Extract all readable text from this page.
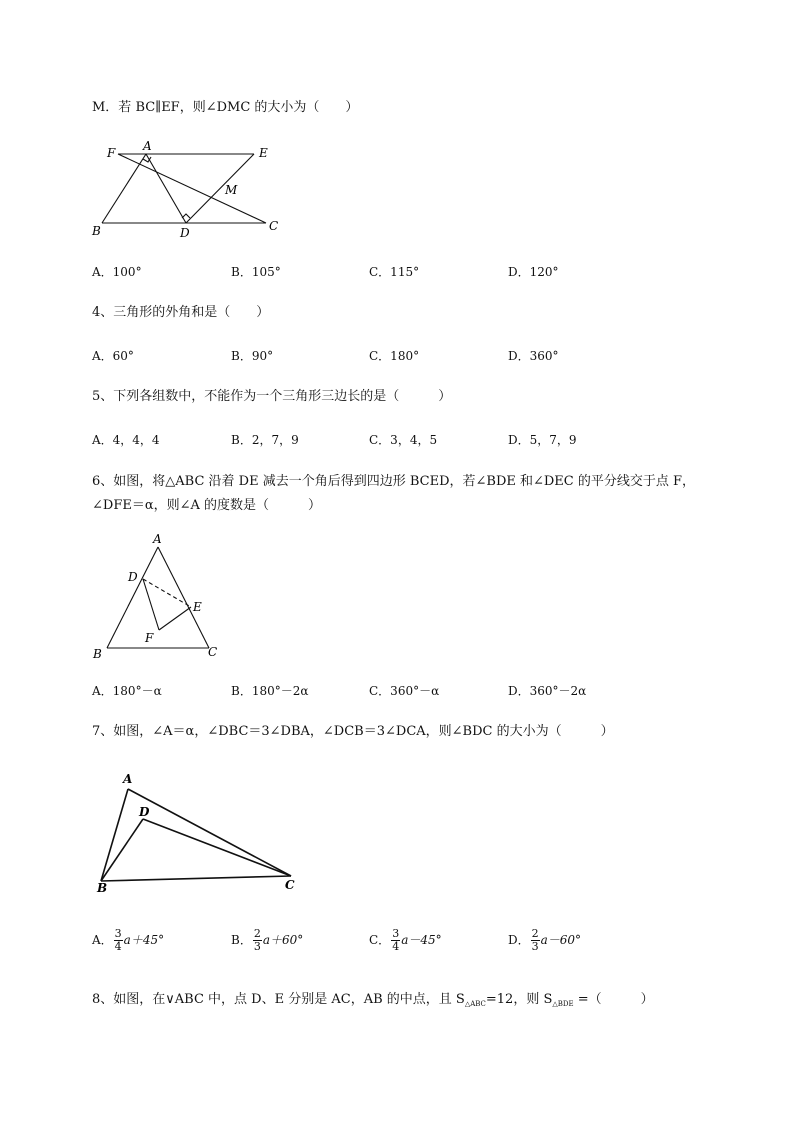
M．若 BC∥EF，则∠DMC 的大小为（　　）
F A	E
M
B	D	C
A．100°	B．105°	C．115°	D．120°
4、三角形的外角和是（　　）
A．60°	B．90°	C．180°	D．360°
5、下列各组数中，不能作为一个三角形三边长的是（　　　）
A．4，4，4	B．2，7，9	C．3，4，5	D．5，7，9
6、如图，将△ABC 沿着 DE 减去一个角后得到四边形 BCED，若∠BDE 和∠DEC 的平分线交于点 F，
∠DFE＝α，则∠A 的度数是（　　　）
A
D
E
F
B	C
A．180°－α	B．180°－2α	C．360°－α	D．360°－2α
7、如图，∠A＝α，∠DBC＝3∠DBA，∠DCB＝3∠DCA，则∠BDC 的大小为（　　　）
A
D
B	C
A． $\frac{3}{4} a+45^\circ$	B． $\frac{2}{3} a+60^\circ$	C． $\frac{3}{4} a-45^\circ$	D． $\frac{2}{3} a-60^\circ$
8、如图，在∨ABC 中，点 D、E 分别是 AC，AB 的中点，且 $S_{\triangle ABC}=12$，则 $S_{\triangle BDE}$ =（　　　）
